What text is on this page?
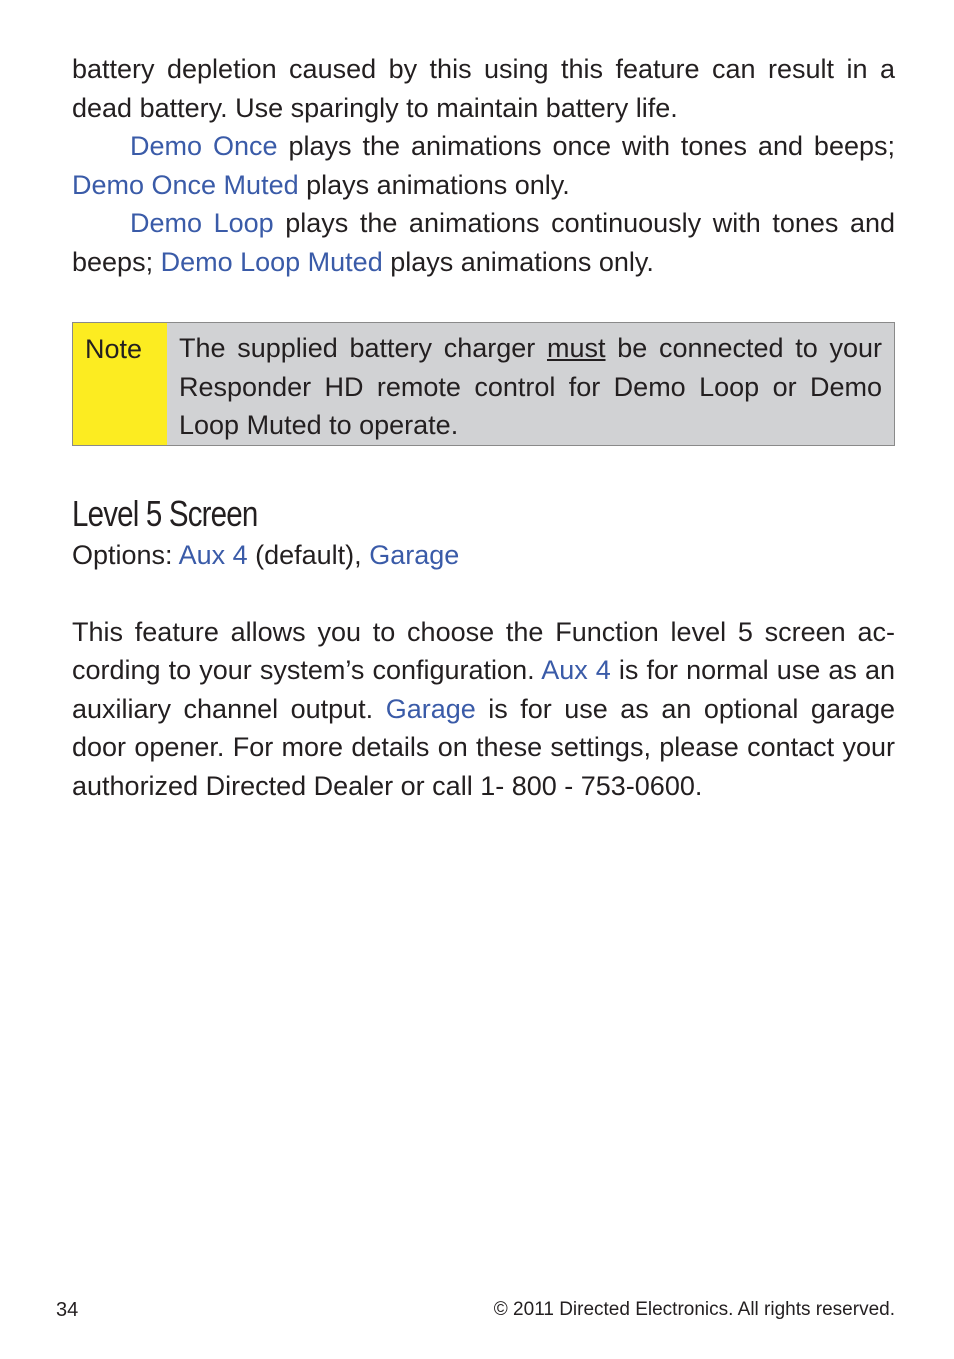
battery depletion caused by this using this feature can result in a dead battery. Use sparingly to maintain battery life.

Demo Once plays the animations once with tones and beeps; Demo Once Muted plays animations only.

Demo Loop plays the animations continuously with tones and beeps; Demo Loop Muted plays animations only.

Note	The supplied battery charger must be connected to your Responder HD remote control for Demo Loop or Demo Loop Muted to operate.
Level 5 Screen

Options: Aux 4 (default), Garage

This feature allows you to choose the Function level 5 screen according to your system’s configuration. Aux 4 is for normal use as an auxiliary channel output. Garage is for use as an optional garage door opener. For more details on these settings, please contact your authorized Directed Dealer or call 1- 800 - 753-0600.

34	© 2011 Directed Electronics. All rights reserved.
